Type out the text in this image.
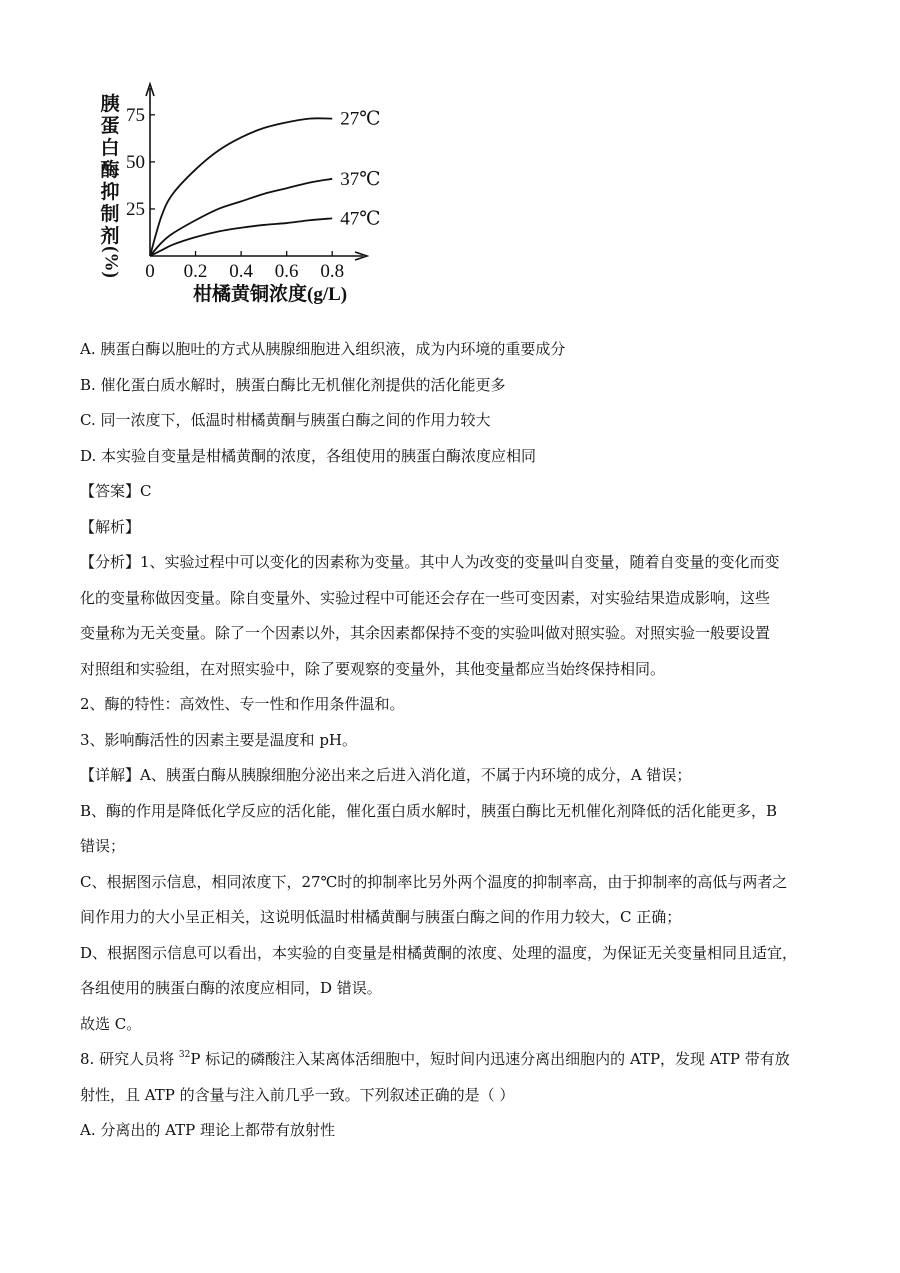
胰
蛋
白
酶
抑
制
剂
(%) 0 0.2 0.4 0.6 0.8
25
50
75	27℃
37℃
47℃
柑橘黄铜浓度(g/L)
A. 胰蛋白酶以胞吐的方式从胰腺细胞进入组织液，成为内环境的重要成分
B. 催化蛋白质水解时，胰蛋白酶比无机催化剂提供的活化能更多
C. 同一浓度下，低温时柑橘黄酮与胰蛋白酶之间的作用力较大
D. 本实验自变量是柑橘黄酮的浓度，各组使用的胰蛋白酶浓度应相同
【答案】C
【解析】
【分析】1、实验过程中可以变化的因素称为变量。其中人为改变的变量叫自变量，随着自变量的变化而变
化的变量称做因变量。除自变量外、实验过程中可能还会存在一些可变因素，对实验结果造成影响，这些
变量称为无关变量。除了一个因素以外，其余因素都保持不变的实验叫做对照实验。对照实验一般要设置
对照组和实验组，在对照实验中，除了要观察的变量外，其他变量都应当始终保持相同。
2、酶的特性：高效性、专一性和作用条件温和。
3、影响酶活性的因素主要是温度和 pH。
【详解】A、胰蛋白酶从胰腺细胞分泌出来之后进入消化道，不属于内环境的成分，A 错误；
B、酶的作用是降低化学反应的活化能，催化蛋白质水解时，胰蛋白酶比无机催化剂降低的活化能更多，B
错误；
C、根据图示信息，相同浓度下，27℃时的抑制率比另外两个温度的抑制率高，由于抑制率的高低与两者之
间作用力的大小呈正相关，这说明低温时柑橘黄酮与胰蛋白酶之间的作用力较大，C 正确；
D、根据图示信息可以看出，本实验的自变量是柑橘黄酮的浓度、处理的温度，为保证无关变量相同且适宜，
各组使用的胰蛋白酶的浓度应相同，D 错误。
故选 C。
8. 研究人员将 $^{32}$P 标记的磷酸注入某离体活细胞中，短时间内迅速分离出细胞内的 ATP，发现 ATP 带有放
射性，且 ATP 的含量与注入前几乎一致。下列叙述正确的是（ ）
A. 分离出的 ATP 理论上都带有放射性
